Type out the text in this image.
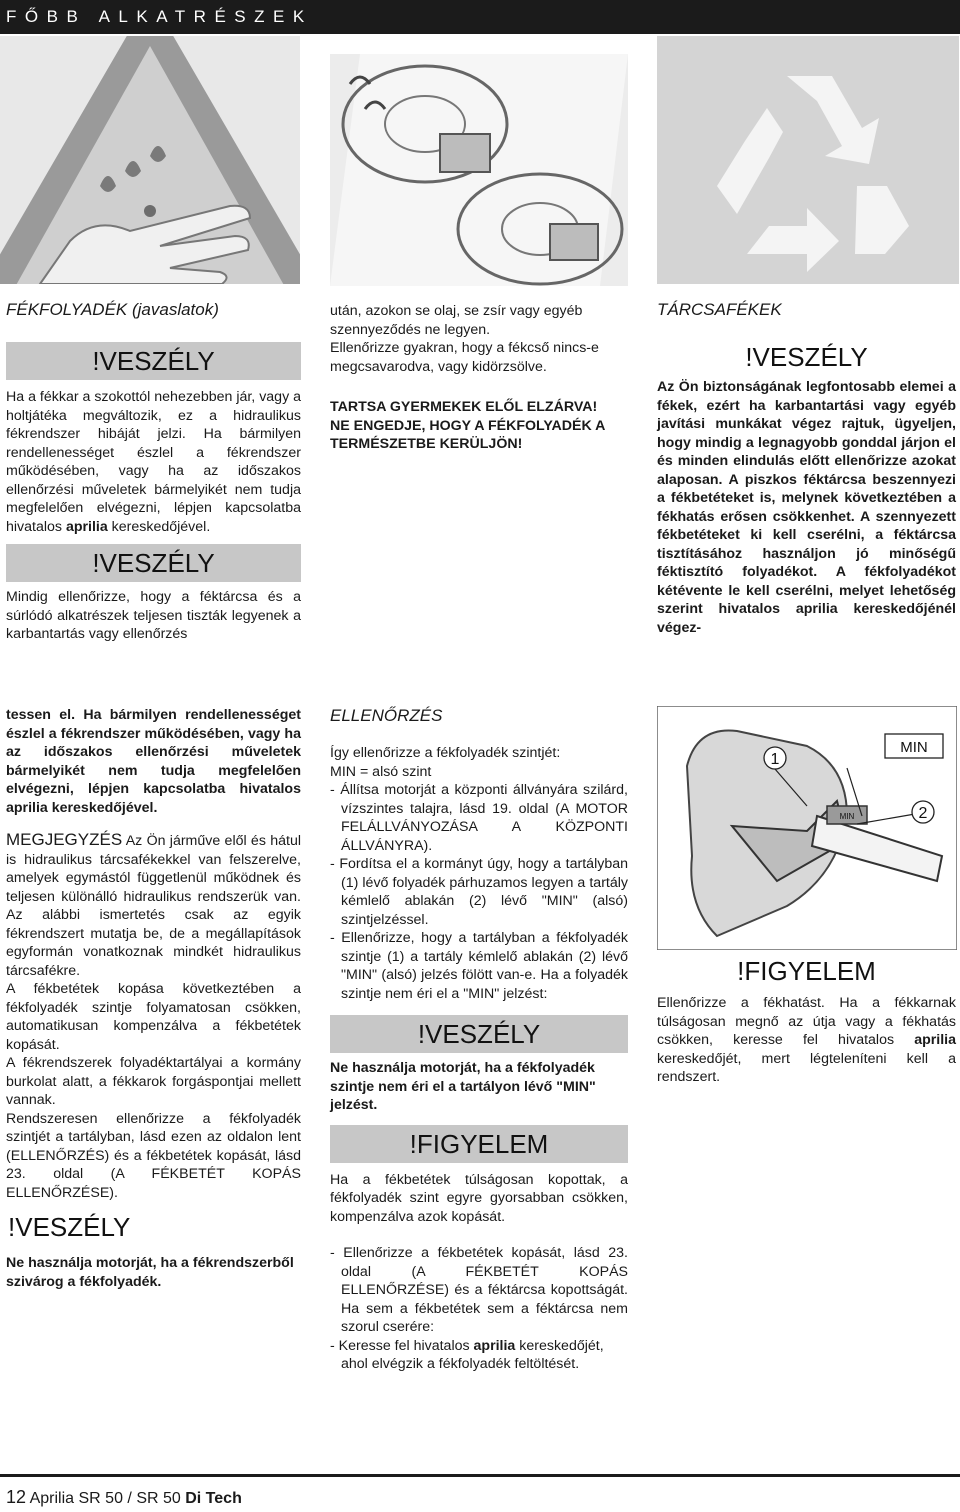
FŐBB ALKATRÉSZEK
FÉKFOLYADÉK (javaslatok)
!VESZÉLY

Ha a fékkar a szokottól nehezebben jár, vagy a holtjátéka megváltozik, ez a hidraulikus fékrendszer hibáját jelzi. Ha bármilyen rendellenességet észlel a fékrendszer működésében, vagy ha az időszakos ellenőrzési műveletek bármelyikét nem tudja megfelelően elvégezni, lépjen kapcsolatba hivatalos aprilia kereskedőjével.

!VESZÉLY

Mindig ellenőrizze, hogy a féktárcsa és a súrlódó alkatrészek teljesen tiszták legyenek a karbantartás vagy ellenőrzés

után, azokon se olaj, se zsír vagy egyéb szennyeződés ne legyen.

Ellenőrizze gyakran, hogy a fékcső nincs-e megcsavarodva, vagy kidörzsölve.

TARTSA GYERMEKEK ELŐL ELZÁRVA!

NE ENGEDJE, HOGY A FÉKFOLYADÉK A TERMÉSZETBE KERÜLJÖN!

TÁRCSAFÉKEK
!VESZÉLY

Az Ön biztonságának legfontosabb elemei a fékek, ezért ha karbantartási vagy egyéb javítási munkákat végez rajtuk, ügyeljen, hogy mindig a legnagyobb gonddal járjon el és minden elindulás előtt ellenőrizze azokat alaposan. A piszkos féktárcsa beszennyezi a fékbetéteket is, melynek következtében a fékhatás erősen csökkenhet. A szennyezett fékbetéteket ki kell cserélni, a féktárcsa tisztításához használjon jó minőségű féktisztító folyadékot. A fékfolyadékot kétévente le kell cserélni, melyet lehetőség szerint hivatalos aprilia kereskedőjénél végez-

tessen el. Ha bármilyen rendellenességet észlel a fékrendszer működésében, vagy ha az időszakos ellenőrzési műveletek bármelyikét nem tudja megfelelően elvégezni, lépjen kapcsolatba hivatalos aprilia kereskedőjével.

MEGJEGYZÉS Az Ön járműve elől és hátul is hidraulikus tárcsafékekkel van felszerelve, amelyek egymástól függetlenül működnek és teljesen különálló hidraulikus rendszerük van. Az alábbi ismertetés csak az egyik fékrendszert mutatja be, de a megállapítások egyformán vonatkoznak mindkét hidraulikus tárcsafékre.

A fékbetétek kopása következtében a fékfolyadék szintje folyamatosan csökken, automatikusan kompenzálva a fékbetétek kopását.

A fékrendszerek folyadéktartályai a kormány burkolat alatt, a fékkarok forgáspontjai mellett vannak.

Rendszeresen ellenőrizze a fékfolyadék szintjét a tartályban, lásd ezen az oldalon lent (ELLENŐRZÉS) és a fékbetétek kopását, lásd 23. oldal (A FÉKBETÉT KOPÁS ELLENŐRZÉSE).

!VESZÉLY

Ne használja motorját, ha a fékrendszerből szivárog a fékfolyadék.

ELLENŐRZÉS

Így ellenőrizze a fékfolyadék szintjét:

MIN = alsó szint

- Állítsa motorját a központi állványára szilárd, vízszintes talajra, lásd 19. oldal (A MOTOR FELÁLLVÁNYOZÁSA A KÖZPONTI ÁLLVÁNYRA).

- Fordítsa el a kormányt úgy, hogy a tartályban (1) lévő folyadék párhuzamos legyen a tartály kémlelő ablakán (2) lévő "MIN" (alsó) szintjelzéssel.

- Ellenőrizze, hogy a tartályban a fékfolyadék szintje (1) a tartály kémlelő ablakán (2) lévő "MIN" (alsó) jelzés fölött van-e. Ha a folyadék szintje nem éri el a "MIN" jelzést:

!VESZÉLY

Ne használja motorját, ha a fékfolyadék szintje nem éri el a tartályon lévő "MIN" jelzést.

!FIGYELEM

Ha a fékbetétek túlságosan kopottak, a fékfolyadék szint egyre gyorsabban csökken, kompenzálva azok kopását.

- Ellenőrizze a fékbetétek kopását, lásd 23. oldal (A FÉKBETÉT KOPÁS ELLENŐRZÉSE) és a féktárcsa kopottságát. Ha sem a fékbetétek sem a féktárcsa nem szorul cserére:

- Keresse fel hivatalos aprilia kereskedőjét, ahol elvégzik a fékfolyadék feltöltését.

1
2
MIN
MIN
!FIGYELEM

Ellenőrizze a fékhatást. Ha a fékkarnak túlságosan megnő az útja vagy a fékhatás csökken, keresse fel hivatalos aprilia kereskedőjét, mert légteleníteni kell a rendszert.

12 Aprilia SR 50 / SR 50 Di Tech
